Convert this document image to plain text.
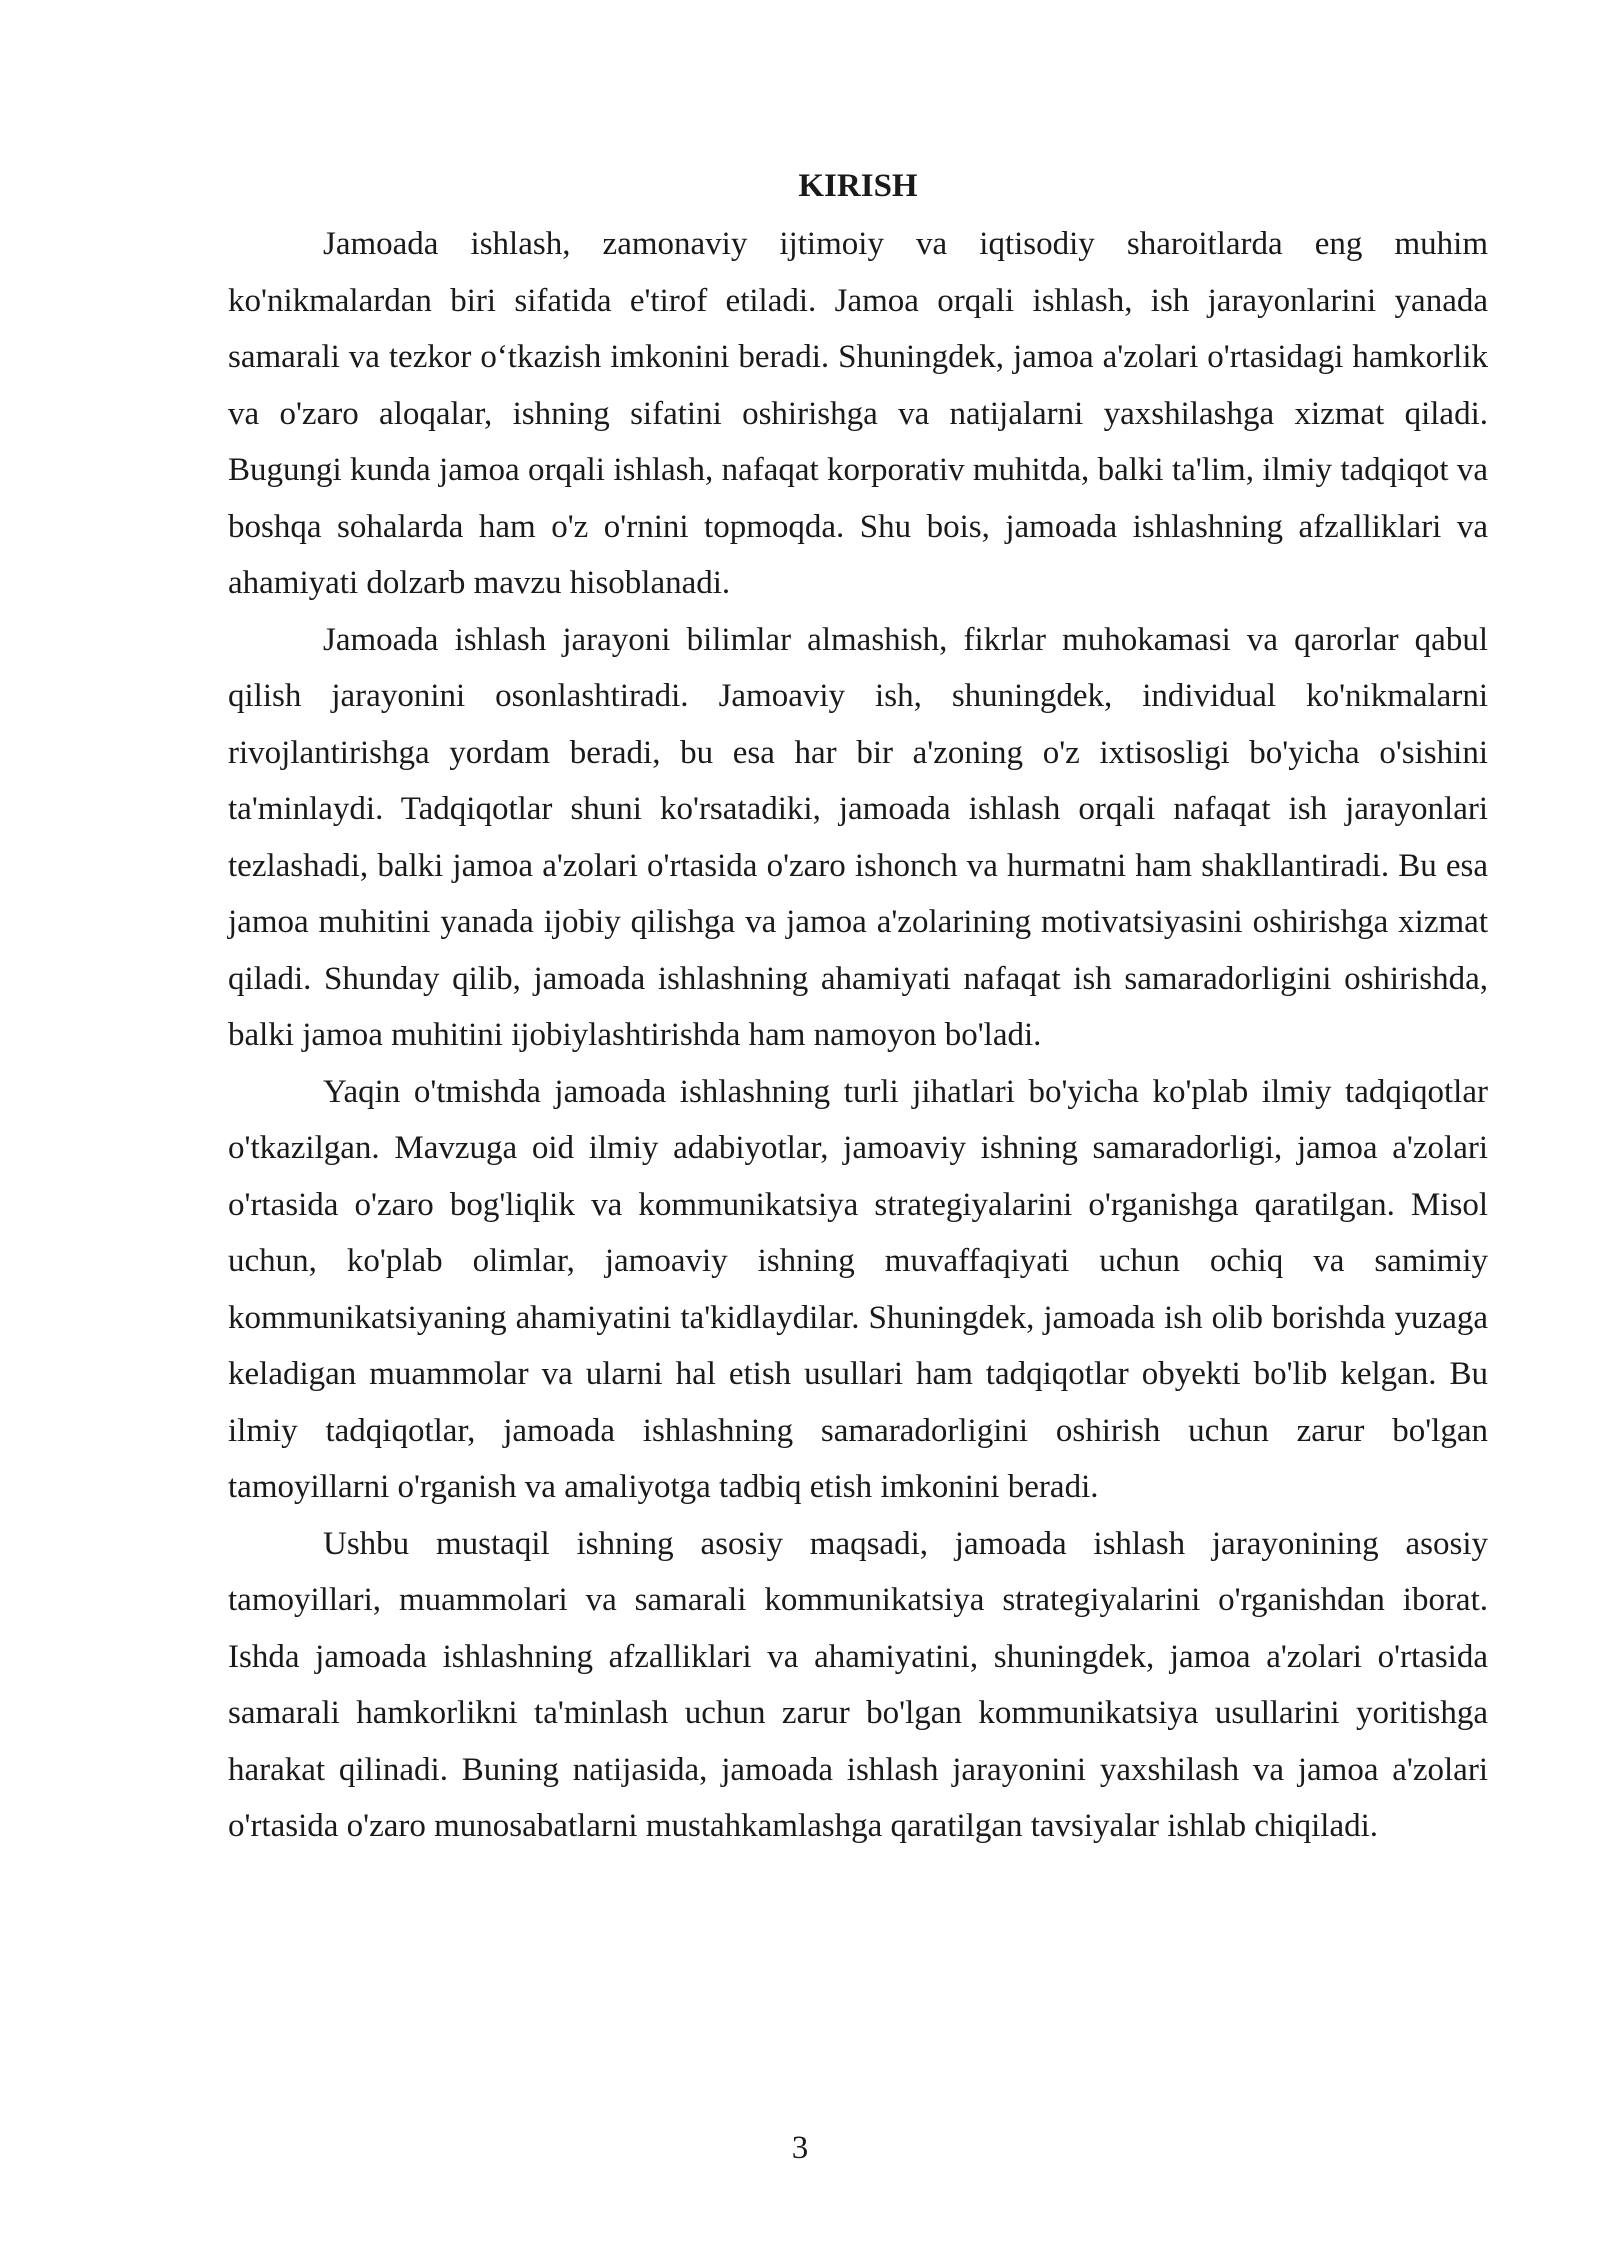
KIRISH

Jamoada ishlash, zamonaviy ijtimoiy va iqtisodiy sharoitlarda eng muhim ko'nikmalardan biri sifatida e'tirof etiladi. Jamoa orqali ishlash, ish jarayonlarini yanada samarali va tezkor o‘tkazish imkonini beradi. Shuningdek, jamoa a'zolari o'rtasidagi hamkorlik va o'zaro aloqalar, ishning sifatini oshirishga va natijalarni yaxshilashga xizmat qiladi. Bugungi kunda jamoa orqali ishlash, nafaqat korporativ muhitda, balki ta'lim, ilmiy tadqiqot va boshqa sohalarda ham o'z o'rnini topmoqda. Shu bois, jamoada ishlashning afzalliklari va ahamiyati dolzarb mavzu hisoblanadi.

Jamoada ishlash jarayoni bilimlar almashish, fikrlar muhokamasi va qarorlar qabul qilish jarayonini osonlashtiradi. Jamoaviy ish, shuningdek, individual ko'nikmalarni rivojlantirishga yordam beradi, bu esa har bir a'zoning o'z ixtisosligi bo'yicha o'sishini ta'minlaydi. Tadqiqotlar shuni ko'rsatadiki, jamoada ishlash orqali nafaqat ish jarayonlari tezlashadi, balki jamoa a'zolari o'rtasida o'zaro ishonch va hurmatni ham shakllantiradi. Bu esa jamoa muhitini yanada ijobiy qilishga va jamoa a'zolarining motivatsiyasini oshirishga xizmat qiladi. Shunday qilib, jamoada ishlashning ahamiyati nafaqat ish samaradorligini oshirishda, balki jamoa muhitini ijobiylashtirishda ham namoyon bo'ladi.

Yaqin o'tmishda jamoada ishlashning turli jihatlari bo'yicha ko'plab ilmiy tadqiqotlar o'tkazilgan. Mavzuga oid ilmiy adabiyotlar, jamoaviy ishning samaradorligi, jamoa a'zolari o'rtasida o'zaro bog'liqlik va kommunikatsiya strategiyalarini o'rganishga qaratilgan. Misol uchun, ko'plab olimlar, jamoaviy ishning muvaffaqiyati uchun ochiq va samimiy kommunikatsiyaning ahamiyatini ta'kidlaydilar. Shuningdek, jamoada ish olib borishda yuzaga keladigan muammolar va ularni hal etish usullari ham tadqiqotlar obyekti bo'lib kelgan. Bu ilmiy tadqiqotlar, jamoada ishlashning samaradorligini oshirish uchun zarur bo'lgan tamoyillarni o'rganish va amaliyotga tadbiq etish imkonini beradi.

Ushbu mustaqil ishning asosiy maqsadi, jamoada ishlash jarayonining asosiy tamoyillari, muammolari va samarali kommunikatsiya strategiyalarini o'rganishdan iborat. Ishda jamoada ishlashning afzalliklari va ahamiyatini, shuningdek, jamoa a'zolari o'rtasida samarali hamkorlikni ta'minlash uchun zarur bo'lgan kommunikatsiya usullarini yoritishga harakat qilinadi. Buning natijasida, jamoada ishlash jarayonini yaxshilash va jamoa a'zolari o'rtasida o'zaro munosabatlarni mustahkamlashga qaratilgan tavsiyalar ishlab chiqiladi.

3
